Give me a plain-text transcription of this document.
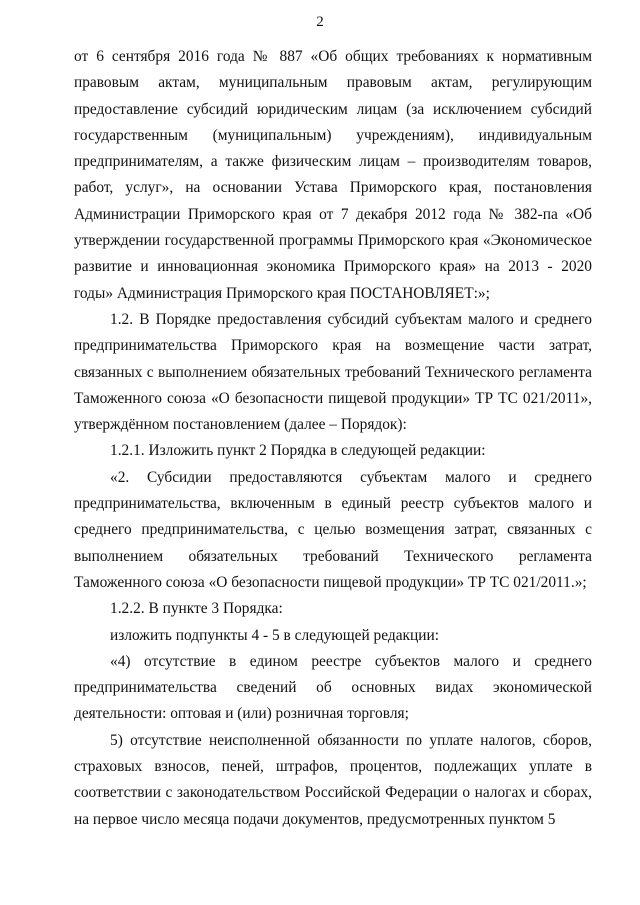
2

от 6 сентября 2016 года № 887 «Об общих требованиях к нормативным правовым актам, муниципальным правовым актам, регулирующим предоставление субсидий юридическим лицам (за исключением субсидий государственным (муниципальным) учреждениям), индивидуальным предпринимателям, а также физическим лицам – производителям товаров, работ, услуг», на основании Устава Приморского края, постановления Администрации Приморского края от 7 декабря 2012 года № 382-па «Об утверждении государственной программы Приморского края «Экономическое развитие и инновационная экономика Приморского края» на 2013 - 2020 годы» Администрация Приморского края ПОСТАНОВЛЯЕТ:»;

1.2. В Порядке предоставления субсидий субъектам малого и среднего предпринимательства Приморского края на возмещение части затрат, связанных с выполнением обязательных требований Технического регламента Таможенного союза «О безопасности пищевой продукции» ТР ТС 021/2011», утверждённом постановлением (далее – Порядок):

1.2.1. Изложить пункт 2 Порядка в следующей редакции:

«2. Субсидии предоставляются субъектам малого и среднего предпринимательства, включенным в единый реестр субъектов малого и среднего предпринимательства, с целью возмещения затрат, связанных с выполнением обязательных требований Технического регламента Таможенного союза «О безопасности пищевой продукции» ТР ТС 021/2011.»;

1.2.2. В пункте 3 Порядка:

изложить подпункты 4 - 5 в следующей редакции:

«4) отсутствие в едином реестре субъектов малого и среднего предпринимательства сведений об основных видах экономической деятельности: оптовая и (или) розничная торговля;

5) отсутствие неисполненной обязанности по уплате налогов, сборов, страховых взносов, пеней, штрафов, процентов, подлежащих уплате в соответствии с законодательством Российской Федерации о налогах и сборах, на первое число месяца подачи документов, предусмотренных пунктом 5
